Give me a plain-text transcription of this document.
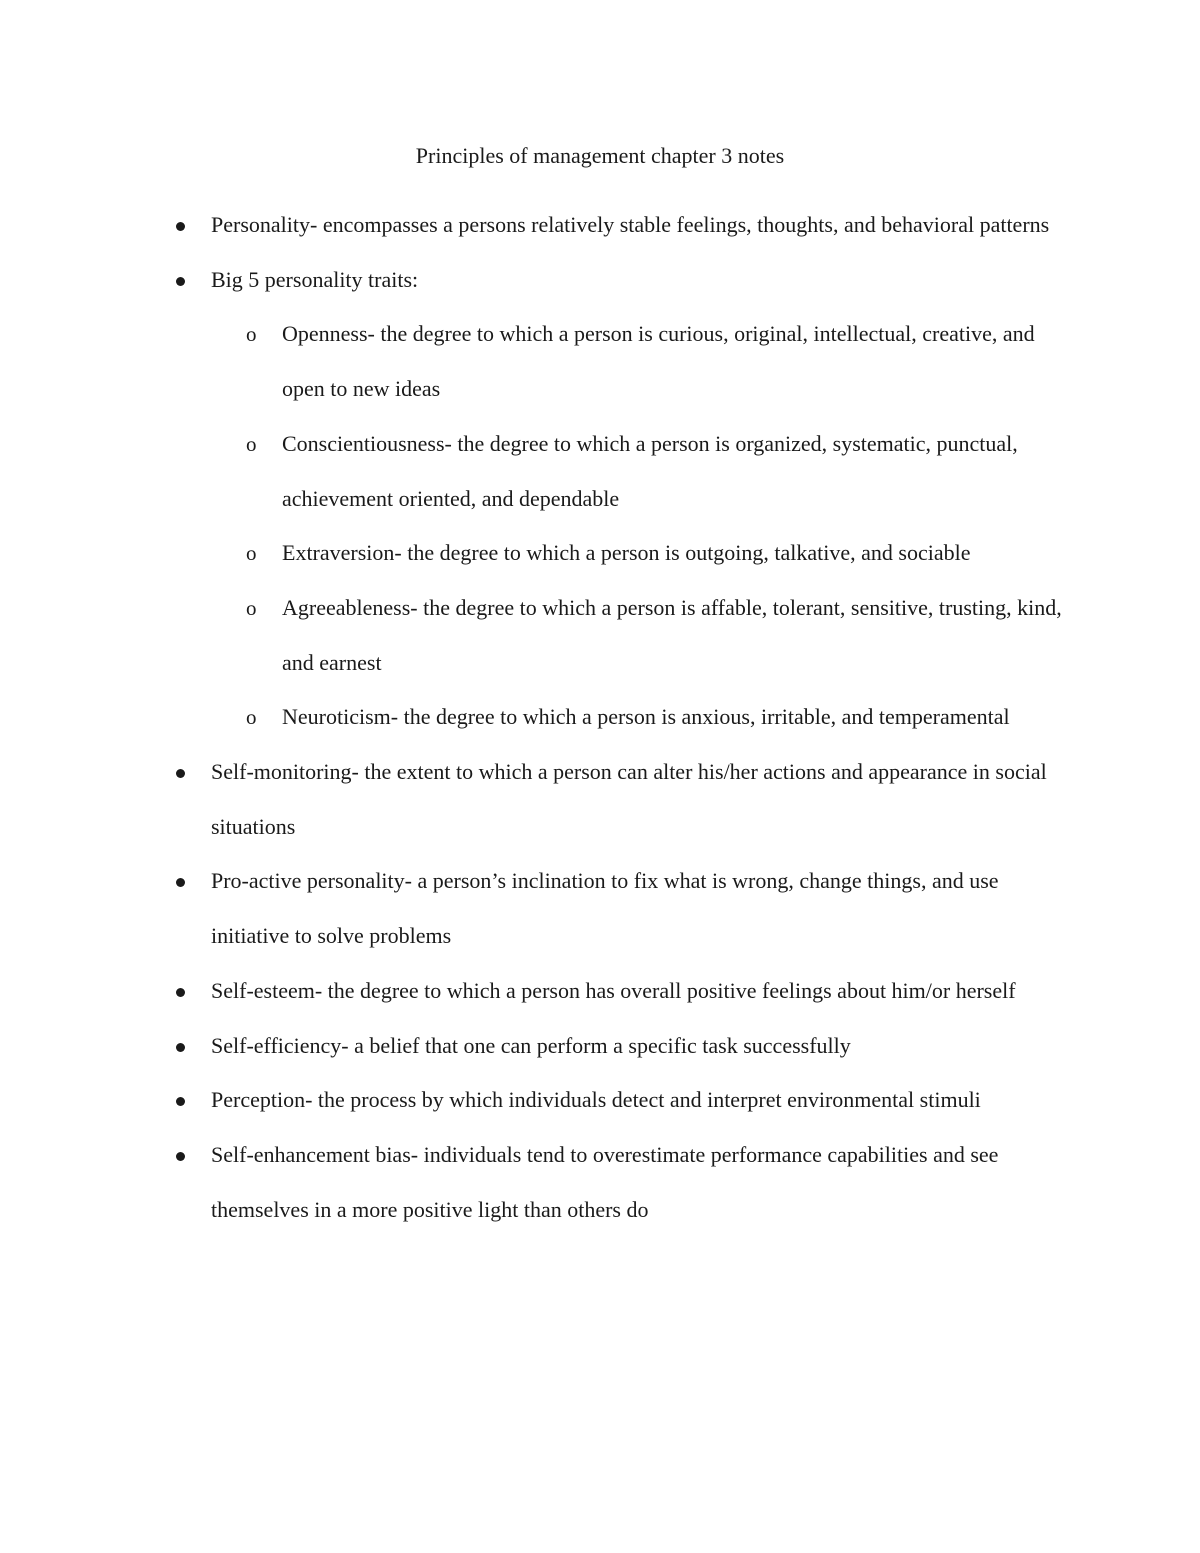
Principles of management chapter 3 notes
Personality- encompasses a persons relatively stable feelings, thoughts, and behavioral patterns
Big 5 personality traits:
o Openness- the degree to which a person is curious, original, intellectual, creative, and open to new ideas
o Conscientiousness- the degree to which a person is organized, systematic, punctual, achievement oriented, and dependable
o Extraversion- the degree to which a person is outgoing, talkative, and sociable
o Agreeableness- the degree to which a person is affable, tolerant, sensitive, trusting, kind, and earnest
o Neuroticism- the degree to which a person is anxious, irritable, and temperamental
Self-monitoring- the extent to which a person can alter his/her actions and appearance in social situations
Pro-active personality- a person’s inclination to fix what is wrong, change things, and use initiative to solve problems
Self-esteem- the degree to which a person has overall positive feelings about him/or herself
Self-efficiency- a belief that one can perform a specific task successfully
Perception- the process by which individuals detect and interpret environmental stimuli
Self-enhancement bias- individuals tend to overestimate performance capabilities and see themselves in a more positive light than others do
